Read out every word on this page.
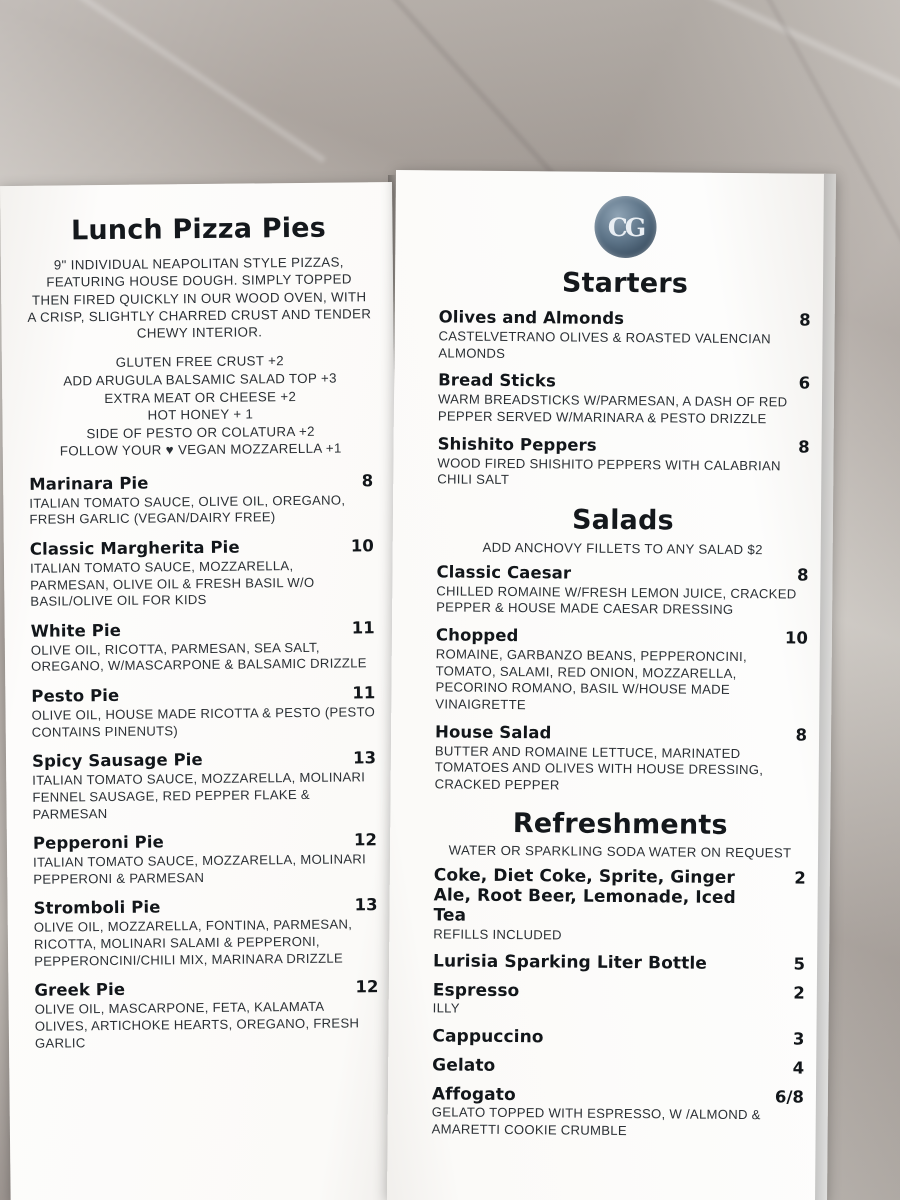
Lunch Pizza Pies
9" INDIVIDUAL NEAPOLITAN STYLE PIZZAS, FEATURING HOUSE DOUGH. SIMPLY TOPPED THEN FIRED QUICKLY IN OUR WOOD OVEN, WITH A CRISP, SLIGHTLY CHARRED CRUST AND TENDER CHEWY INTERIOR.
GLUTEN FREE CRUST +2
ADD ARUGULA BALSAMIC SALAD TOP +3
EXTRA MEAT OR CHEESE +2
HOT HONEY + 1
SIDE OF PESTO OR COLATURA +2
FOLLOW YOUR ♥ VEGAN MOZZARELLA +1
Marinara Pie	8
ITALIAN TOMATO SAUCE, OLIVE OIL, OREGANO, FRESH GARLIC (VEGAN/DAIRY FREE)
Classic Margherita Pie	10
ITALIAN TOMATO SAUCE, MOZZARELLA, PARMESAN, OLIVE OIL & FRESH BASIL W/O BASIL/OLIVE OIL FOR KIDS
White Pie	11
OLIVE OIL, RICOTTA, PARMESAN, SEA SALT, OREGANO, W/MASCARPONE & BALSAMIC DRIZZLE
Pesto Pie	11
OLIVE OIL, HOUSE MADE RICOTTA & PESTO (PESTO CONTAINS PINENUTS)
Spicy Sausage Pie	13
ITALIAN TOMATO SAUCE, MOZZARELLA, MOLINARI FENNEL SAUSAGE, RED PEPPER FLAKE & PARMESAN
Pepperoni Pie	12
ITALIAN TOMATO SAUCE, MOZZARELLA, MOLINARI PEPPERONI & PARMESAN
Stromboli Pie	13
OLIVE OIL, MOZZARELLA, FONTINA, PARMESAN, RICOTTA, MOLINARI SALAMI & PEPPERONI, PEPPERONCINI/CHILI MIX, MARINARA DRIZZLE
Greek Pie	12
OLIVE OIL, MASCARPONE, FETA, KALAMATA OLIVES, ARTICHOKE HEARTS, OREGANO, FRESH GARLIC
CG
Starters
Olives and Almonds	8
CASTELVETRANO OLIVES & ROASTED VALENCIAN ALMONDS
Bread Sticks	6
WARM BREADSTICKS W/PARMESAN, A DASH OF RED PEPPER SERVED W/MARINARA & PESTO DRIZZLE
Shishito Peppers	8
WOOD FIRED SHISHITO PEPPERS WITH CALABRIAN CHILI SALT
Salads
ADD ANCHOVY FILLETS TO ANY SALAD $2
Classic Caesar	8
CHILLED ROMAINE W/FRESH LEMON JUICE, CRACKED PEPPER & HOUSE MADE CAESAR DRESSING
Chopped	10
ROMAINE, GARBANZO BEANS, PEPPERONCINI, TOMATO, SALAMI, RED ONION, MOZZARELLA, PECORINO ROMANO, BASIL W/HOUSE MADE VINAIGRETTE
House Salad	8
BUTTER AND ROMAINE LETTUCE, MARINATED TOMATOES AND OLIVES WITH HOUSE DRESSING, CRACKED PEPPER
Refreshments
WATER OR SPARKLING SODA WATER ON REQUEST
Coke, Diet Coke, Sprite, Ginger Ale, Root Beer, Lemonade, Iced Tea
2
REFILLS INCLUDED
Lurisia Sparking Liter Bottle	5
Espresso	2
ILLY
Cappuccino	3
Gelato	4
Affogato	6/8
GELATO TOPPED WITH ESPRESSO, W /ALMOND & AMARETTI COOKIE CRUMBLE
